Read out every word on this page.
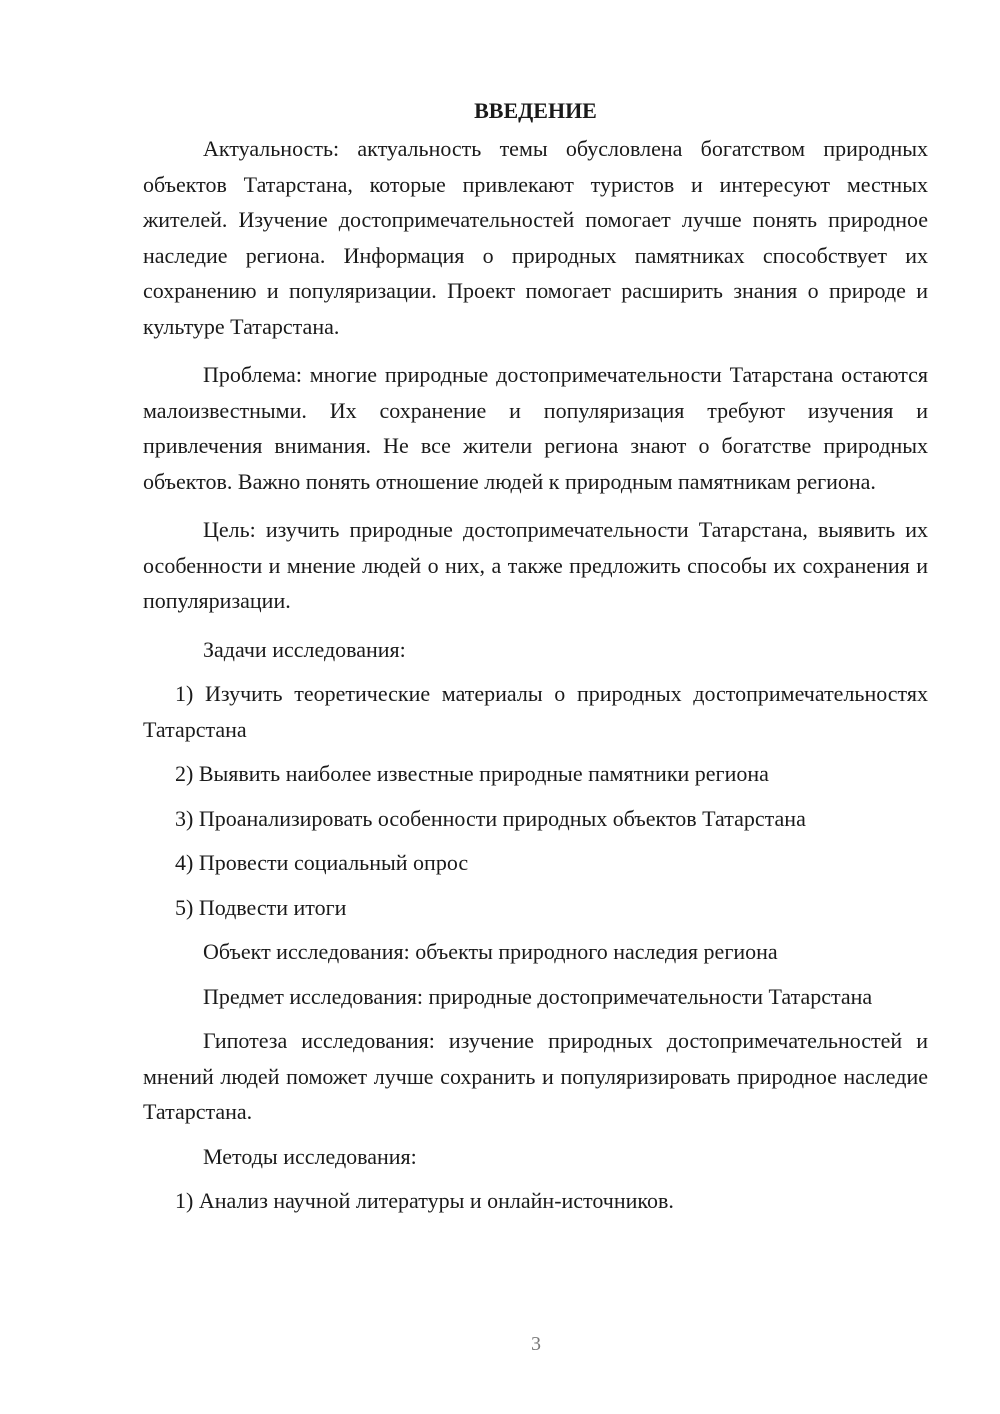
ВВЕДЕНИЕ

Актуальность: актуальность темы обусловлена богатством природных объектов Татарстана, которые привлекают туристов и интересуют местных жителей. Изучение достопримечательностей помогает лучше понять природное наследие региона. Информация о природных памятниках способствует их сохранению и популяризации. Проект помогает расширить знания о природе и культуре Татарстана.

Проблема: многие природные достопримечательности Татарстана остаются малоизвестными. Их сохранение и популяризация требуют изучения и привлечения внимания. Не все жители региона знают о богатстве природных объектов. Важно понять отношение людей к природным памятникам региона.

Цель: изучить природные достопримечательности Татарстана, выявить их особенности и мнение людей о них, а также предложить способы их сохранения и популяризации.

Задачи исследования:

1) Изучить теоретические материалы о природных достопримечательностях Татарстана

2) Выявить наиболее известные природные памятники региона

3) Проанализировать особенности природных объектов Татарстана

4) Провести социальный опрос

5) Подвести итоги

Объект исследования: объекты природного наследия региона

Предмет исследования: природные достопримечательности Татарстана

Гипотеза исследования: изучение природных достопримечательностей и мнений людей поможет лучше сохранить и популяризировать природное наследие Татарстана.

Методы исследования:

1) Анализ научной литературы и онлайн-источников.

3
